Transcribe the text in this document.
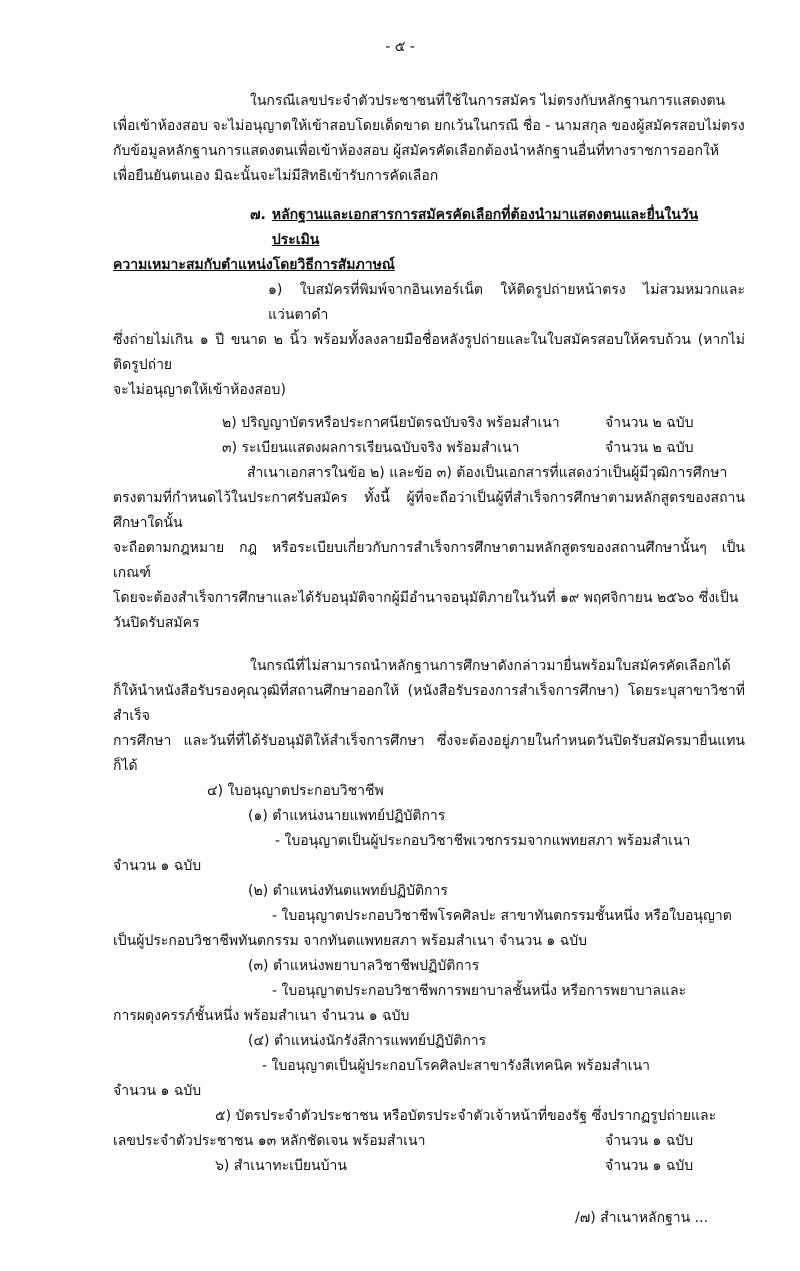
- ๕ -
ในกรณีเลขประจำตัวประชาชนที่ใช้ในการสมัคร ไม่ตรงกับหลักฐานการแสดงตน
เพื่อเข้าห้องสอบ จะไม่อนุญาตให้เข้าสอบโดยเด็ดขาด ยกเว้นในกรณี ชื่อ - นามสกุล ของผู้สมัครสอบไม่ตรง
กับข้อมูลหลักฐานการแสดงตนเพื่อเข้าห้องสอบ ผู้สมัครคัดเลือกต้องนำหลักฐานอื่นที่ทางราชการออกให้
เพื่อยืนยันตนเอง มิฉะนั้นจะไม่มีสิทธิเข้ารับการคัดเลือก
๗. หลักฐานและเอกสารการสมัครคัดเลือกที่ต้องนำมาแสดงตนและยื่นในวันประเมิน
ความเหมาะสมกับตำแหน่งโดยวิธีการสัมภาษณ์
๑) ใบสมัครที่พิมพ์จากอินเทอร์เน็ต ให้ติดรูปถ่ายหน้าตรง ไม่สวมหมวกและแว่นตาดำ
ซึ่งถ่ายไม่เกิน ๑ ปี ขนาด ๒ นิ้ว พร้อมทั้งลงลายมือชื่อหลังรูปถ่ายและในใบสมัครสอบให้ครบถ้วน (หากไม่ติดรูปถ่าย
จะไม่อนุญาตให้เข้าห้องสอบ)
๒) ปริญญาบัตรหรือประกาศนียบัตรฉบับจริง พร้อมสำเนา	จำนวน ๒ ฉบับ
๓) ระเบียนแสดงผลการเรียนฉบับจริง พร้อมสำเนา	จำนวน ๒ ฉบับ
สำเนาเอกสารในข้อ ๒) และข้อ ๓) ต้องเป็นเอกสารที่แสดงว่าเป็นผู้มีวุฒิการศึกษา
ตรงตามที่กำหนดไว้ในประกาศรับสมัคร ทั้งนี้ ผู้ที่จะถือว่าเป็นผู้ที่สำเร็จการศึกษาตามหลักสูตรของสถานศึกษาใดนั้น
จะถือตามกฎหมาย กฎ หรือระเบียบเกี่ยวกับการสำเร็จการศึกษาตามหลักสูตรของสถานศึกษานั้นๆ เป็นเกณฑ์
โดยจะต้องสำเร็จการศึกษาและได้รับอนุมัติจากผู้มีอำนาจอนุมัติภายในวันที่ ๑๙ พฤศจิกายน ๒๕๖๐ ซึ่งเป็น
วันปิดรับสมัคร
ในกรณีที่ไม่สามารถนำหลักฐานการศึกษาดังกล่าวมายื่นพร้อมใบสมัครคัดเลือกได้
ก็ให้นำหนังสือรับรองคุณวุฒิที่สถานศึกษาออกให้ (หนังสือรับรองการสำเร็จการศึกษา) โดยระบุสาขาวิชาที่สำเร็จ
การศึกษา และวันที่ที่ได้รับอนุมัติให้สำเร็จการศึกษา ซึ่งจะต้องอยู่ภายในกำหนดวันปิดรับสมัครมายื่นแทนก็ได้
๔) ใบอนุญาตประกอบวิชาชีพ
(๑) ตำแหน่งนายแพทย์ปฏิบัติการ
- ใบอนุญาตเป็นผู้ประกอบวิชาชีพเวชกรรมจากแพทยสภา พร้อมสำเนา
จำนวน ๑ ฉบับ
(๒) ตำแหน่งทันตแพทย์ปฏิบัติการ
- ใบอนุญาตประกอบวิชาชีพโรคศิลปะ สาขาทันตกรรมชั้นหนึ่ง หรือใบอนุญาต
เป็นผู้ประกอบวิชาชีพทันตกรรม จากทันตแพทยสภา พร้อมสำเนา จำนวน ๑ ฉบับ
(๓) ตำแหน่งพยาบาลวิชาชีพปฏิบัติการ
- ใบอนุญาตประกอบวิชาชีพการพยาบาลชั้นหนึ่ง หรือการพยาบาลและ
การผดุงครรภ์ชั้นหนึ่ง พร้อมสำเนา จำนวน ๑ ฉบับ
(๔) ตำแหน่งนักรังสีการแพทย์ปฏิบัติการ
- ใบอนุญาตเป็นผู้ประกอบโรคศิลปะสาขารังสีเทคนิค พร้อมสำเนา
จำนวน ๑ ฉบับ
๕) บัตรประจำตัวประชาชน หรือบัตรประจำตัวเจ้าหน้าที่ของรัฐ ซึ่งปรากฏรูปถ่ายและ
เลขประจำตัวประชาชน ๑๓ หลักชัดเจน พร้อมสำเนา	จำนวน ๑ ฉบับ
๖) สำเนาทะเบียนบ้าน	จำนวน ๑ ฉบับ
/๗) สำเนาหลักฐาน ...
